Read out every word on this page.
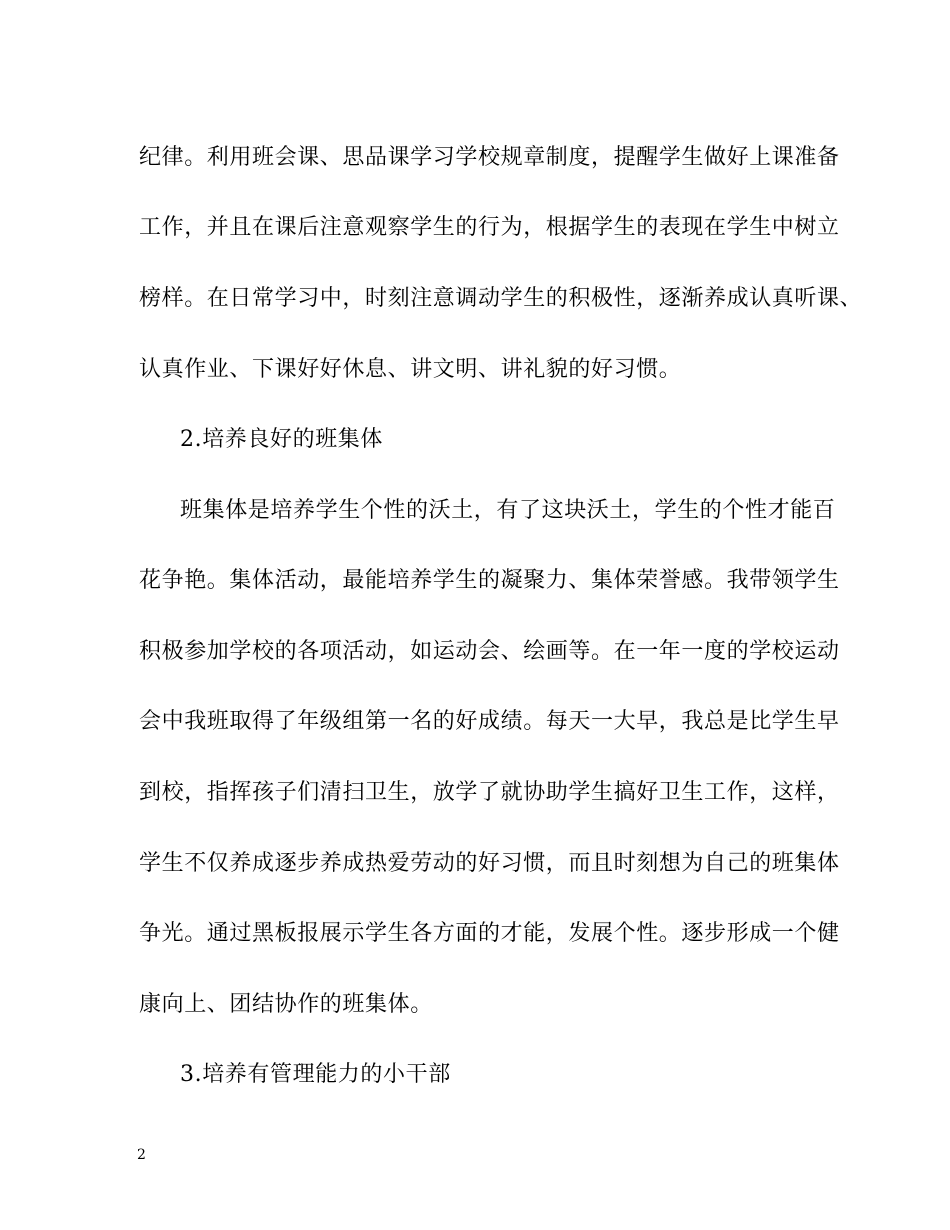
纪律。利用班会课、思品课学习学校规章制度，提醒学生做好上课准备
工作，并且在课后注意观察学生的行为，根据学生的表现在学生中树立
榜样。在日常学习中，时刻注意调动学生的积极性，逐渐养成认真听课、
认真作业、下课好好休息、讲文明、讲礼貌的好习惯。
2.培养良好的班集体
班集体是培养学生个性的沃土，有了这块沃土，学生的个性才能百
花争艳。集体活动，最能培养学生的凝聚力、集体荣誉感。我带领学生
积极参加学校的各项活动，如运动会、绘画等。在一年一度的学校运动
会中我班取得了年级组第一名的好成绩。每天一大早，我总是比学生早
到校，指挥孩子们清扫卫生，放学了就协助学生搞好卫生工作，这样，
学生不仅养成逐步养成热爱劳动的好习惯，而且时刻想为自己的班集体
争光。通过黑板报展示学生各方面的才能，发展个性。逐步形成一个健
康向上、团结协作的班集体。
3.培养有管理能力的小干部
2
